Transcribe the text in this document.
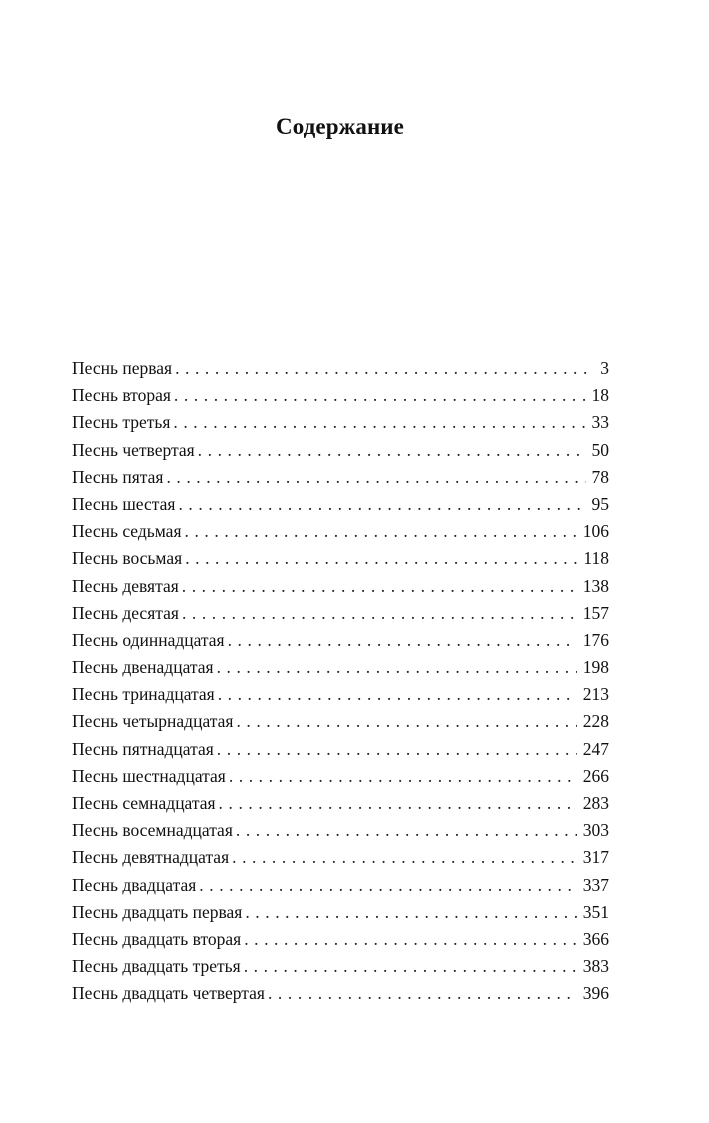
Содержание
Песнь первая . . .	3
Песнь вторая . . .	18
Песнь третья . . .	33
Песнь четвертая . . .	50
Песнь пятая . . .	78
Песнь шестая . . .	95
Песнь седьмая . . .	106
Песнь восьмая . . .	118
Песнь девятая . . .	138
Песнь десятая . . .	157
Песнь одиннадцатая . . .	176
Песнь двенадцатая . . .	198
Песнь тринадцатая . . .	213
Песнь четырнадцатая . . .	228
Песнь пятнадцатая . . .	247
Песнь шестнадцатая . . .	266
Песнь семнадцатая . . .	283
Песнь восемнадцатая . . .	303
Песнь девятнадцатая . . .	317
Песнь двадцатая . . .	337
Песнь двадцать первая . . .	351
Песнь двадцать вторая . . .	366
Песнь двадцать третья . . .	383
Песнь двадцать четвертая . . .	396
